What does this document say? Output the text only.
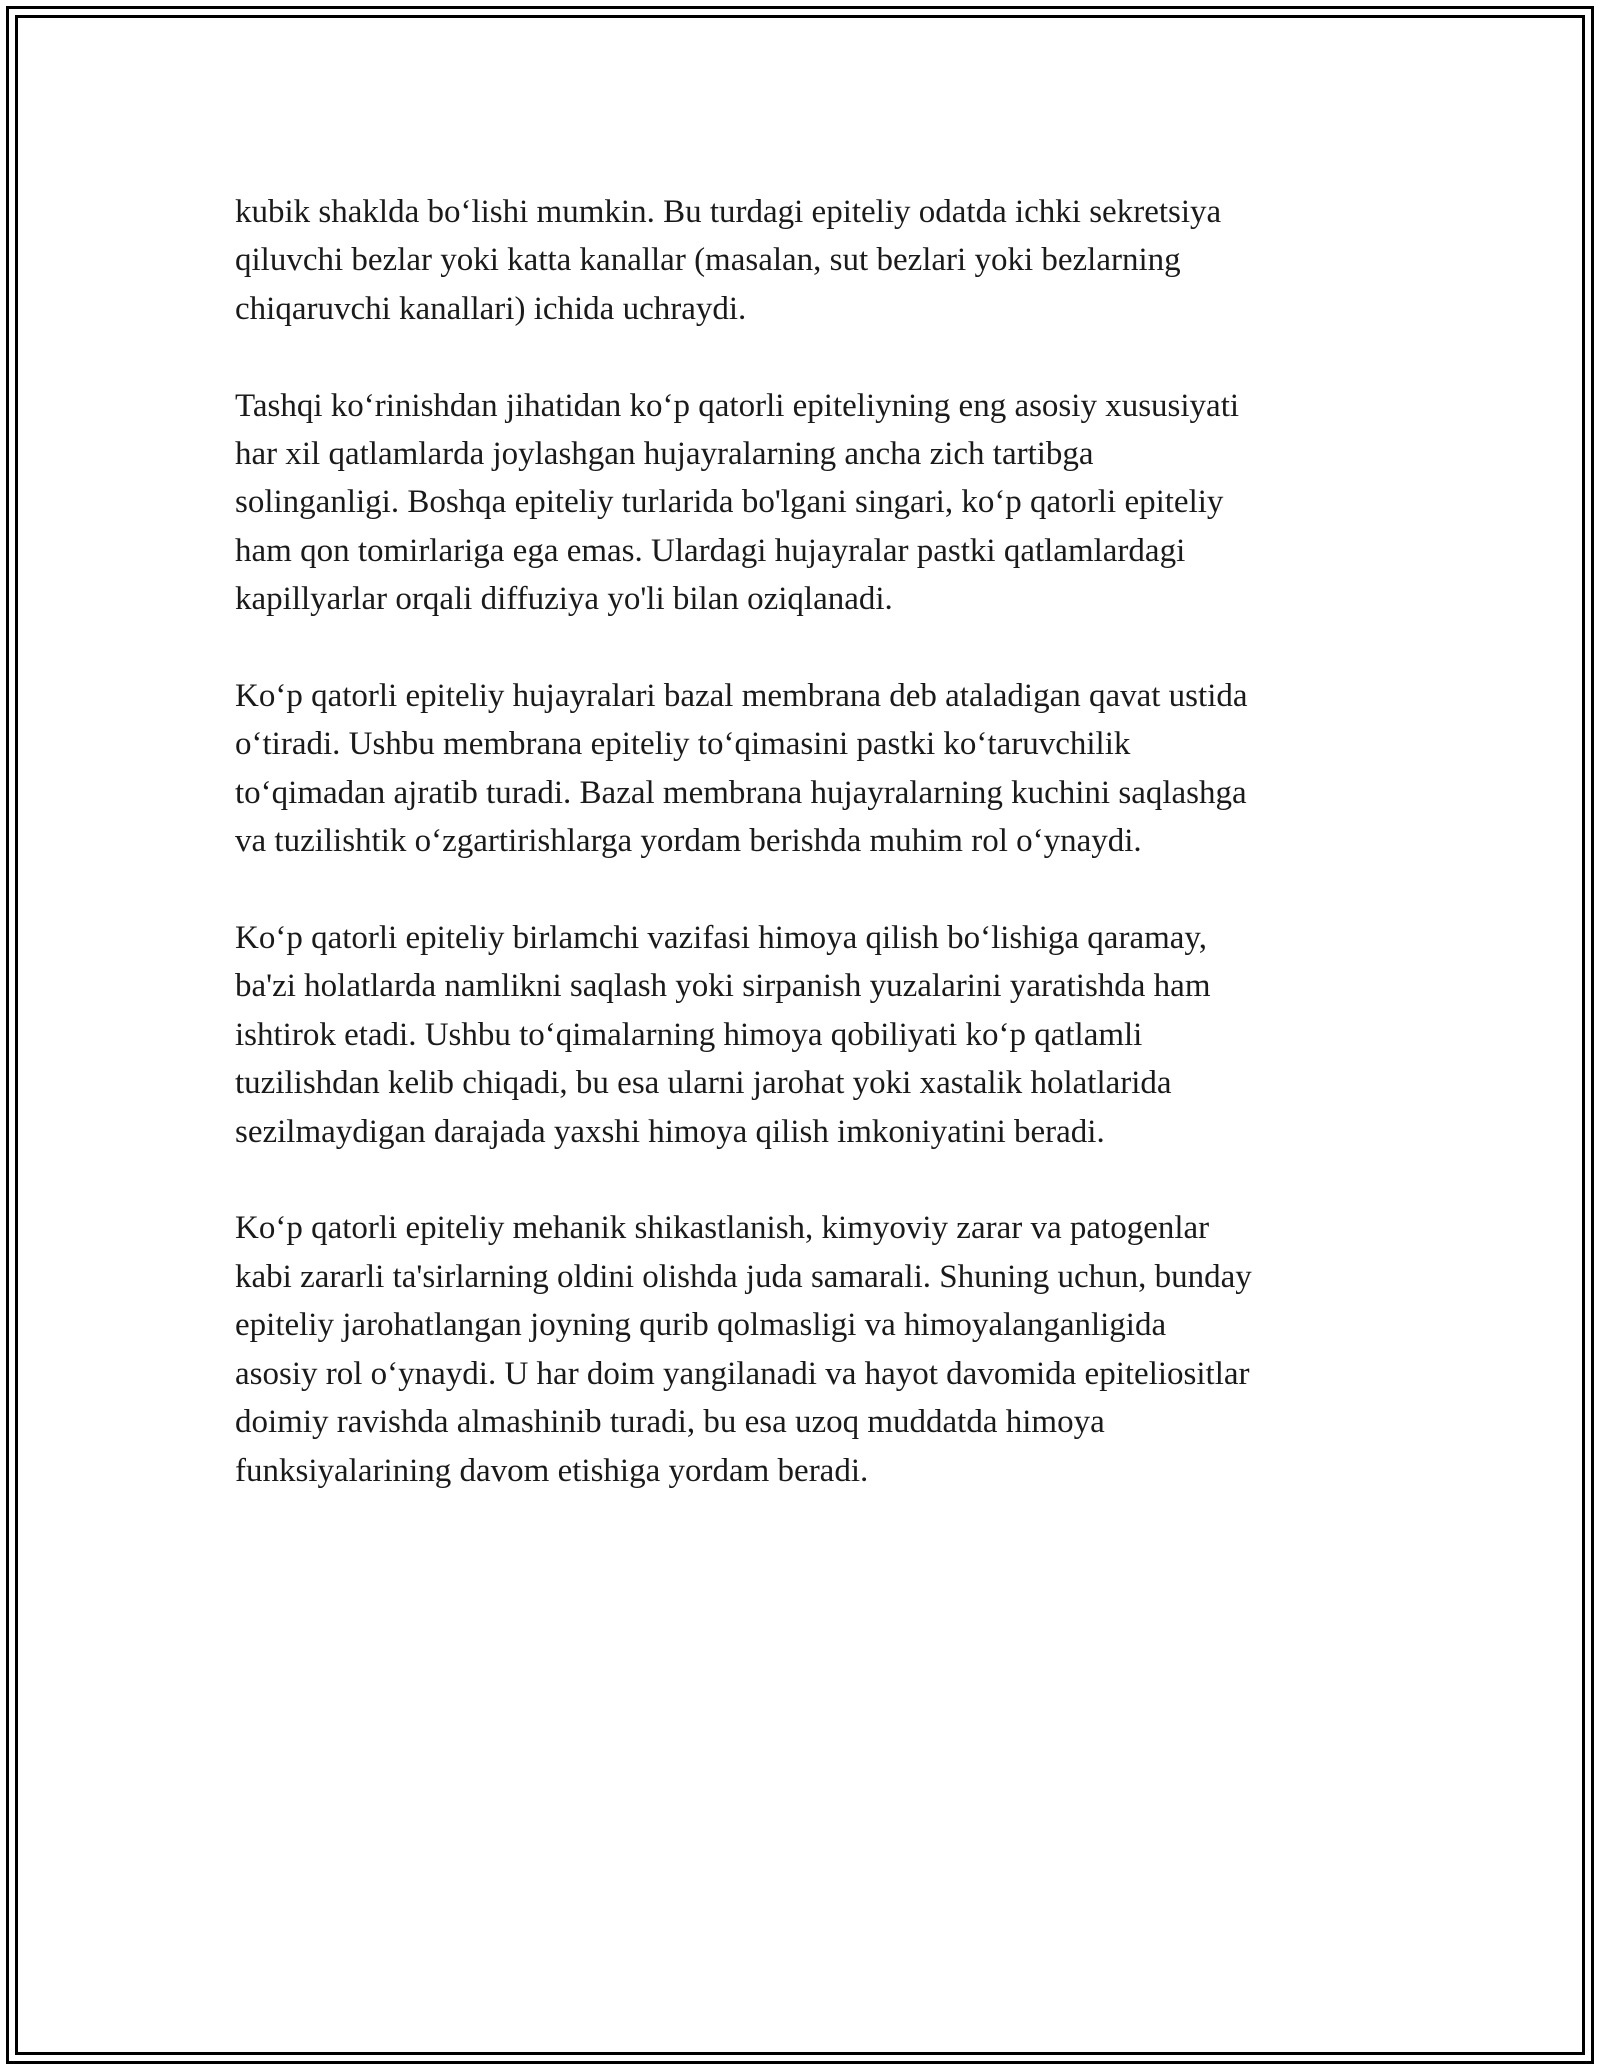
kubik shaklda bo‘lishi mumkin. Bu turdagi epiteliy odatda ichki sekretsiya
qiluvchi bezlar yoki katta kanallar (masalan, sut bezlari yoki bezlarning
chiqaruvchi kanallari) ichida uchraydi.

Tashqi ko‘rinishdan jihatidan ko‘p qatorli epiteliyning eng asosiy xususiyati
har xil qatlamlarda joylashgan hujayralarning ancha zich tartibga
solinganligi. Boshqa epiteliy turlarida bo'lgani singari, ko‘p qatorli epiteliy
ham qon tomirlariga ega emas. Ulardagi hujayralar pastki qatlamlardagi
kapillyarlar orqali diffuziya yo'li bilan oziqlanadi.

Ko‘p qatorli epiteliy hujayralari bazal membrana deb ataladigan qavat ustida
o‘tiradi. Ushbu membrana epiteliy to‘qimasini pastki ko‘taruvchilik
to‘qimadan ajratib turadi. Bazal membrana hujayralarning kuchini saqlashga
va tuzilishtik o‘zgartirishlarga yordam berishda muhim rol o‘ynaydi.

Ko‘p qatorli epiteliy birlamchi vazifasi himoya qilish bo‘lishiga qaramay,
ba'zi holatlarda namlikni saqlash yoki sirpanish yuzalarini yaratishda ham
ishtirok etadi. Ushbu to‘qimalarning himoya qobiliyati ko‘p qatlamli
tuzilishdan kelib chiqadi, bu esa ularni jarohat yoki xastalik holatlarida
sezilmaydigan darajada yaxshi himoya qilish imkoniyatini beradi.

Ko‘p qatorli epiteliy mehanik shikastlanish, kimyoviy zarar va patogenlar
kabi zararli ta'sirlarning oldini olishda juda samarali. Shuning uchun, bunday
epiteliy jarohatlangan joyning qurib qolmasligi va himoyalanganligida
asosiy rol o‘ynaydi. U har doim yangilanadi va hayot davomida epiteliositlar
doimiy ravishda almashinib turadi, bu esa uzoq muddatda himoya
funksiyalarining davom etishiga yordam beradi.
